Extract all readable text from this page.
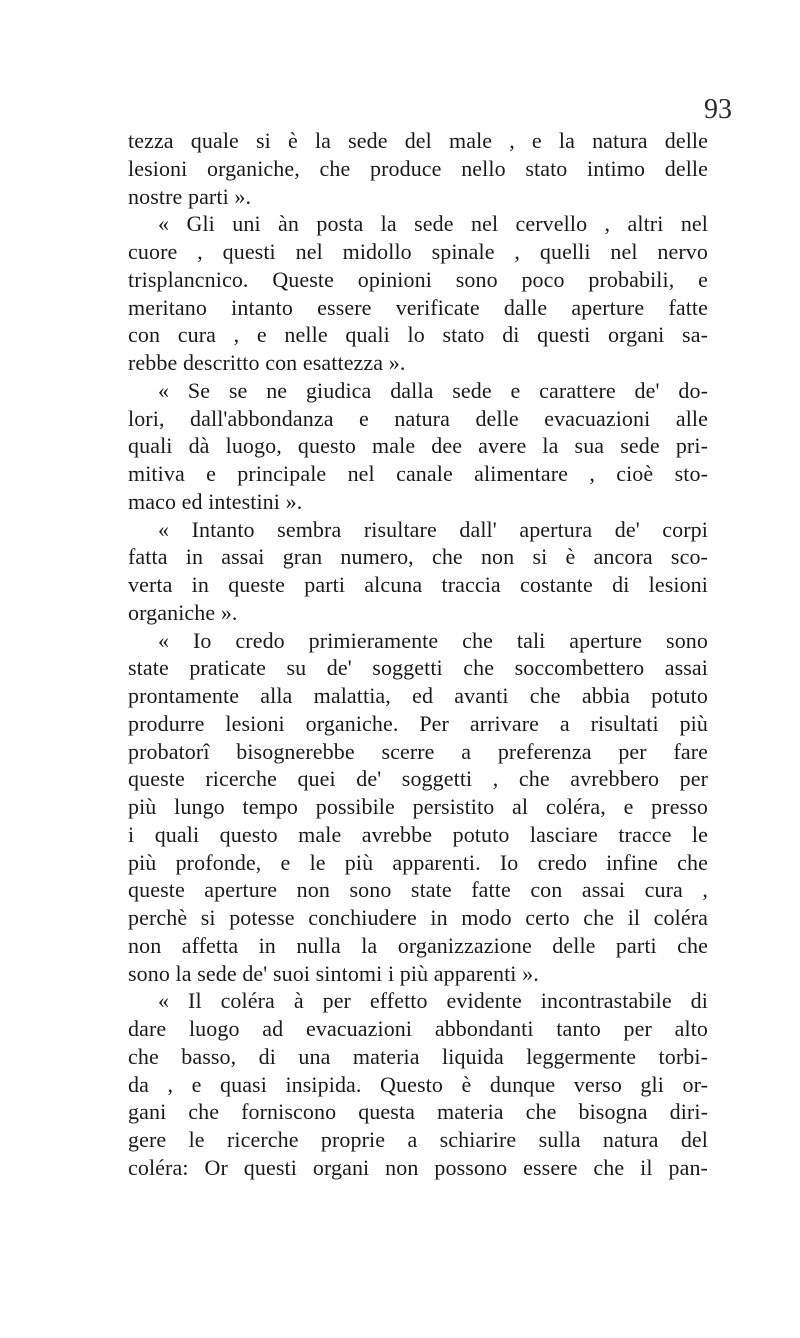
93
tezza quale si è la sede del male , e la natura delle
lesioni organiche, che produce nello stato intimo delle
nostre parti ».
« Gli uni àn posta la sede nel cervello , altri nel
cuore , questi nel midollo spinale , quelli nel nervo
trisplancnico. Queste opinioni sono poco probabili, e
meritano intanto essere verificate dalle aperture fatte
con cura , e nelle quali lo stato di questi organi sa-
rebbe descritto con esattezza ».
« Se se ne giudica dalla sede e carattere de' do-
lori, dall'abbondanza e natura delle evacuazioni alle
quali dà luogo, questo male dee avere la sua sede pri-
mitiva e principale nel canale alimentare , cioè sto-
maco ed intestini ».
« Intanto sembra risultare dall' apertura de' corpi
fatta in assai gran numero, che non si è ancora sco-
verta in queste parti alcuna traccia costante di lesioni
organiche ».
« Io credo primieramente che tali aperture sono
state praticate su de' soggetti che soccombettero assai
prontamente alla malattia, ed avanti che abbia potuto
produrre lesioni organiche. Per arrivare a risultati più
probatorî bisognerebbe scerre a preferenza per fare
queste ricerche quei de' soggetti , che avrebbero per
più lungo tempo possibile persistito al coléra, e presso
i quali questo male avrebbe potuto lasciare tracce le
più profonde, e le più apparenti. Io credo infine che
queste aperture non sono state fatte con assai cura ,
perchè si potesse conchiudere in modo certo che il coléra
non affetta in nulla la organizzazione delle parti che
sono la sede de' suoi sintomi i più apparenti ».
« Il coléra à per effetto evidente incontrastabile di
dare luogo ad evacuazioni abbondanti tanto per alto
che basso, di una materia liquida leggermente torbi-
da , e quasi insipida. Questo è dunque verso gli or-
gani che forniscono questa materia che bisogna diri-
gere le ricerche proprie a schiarire sulla natura del
coléra: Or questi organi non possono essere che il pan-
